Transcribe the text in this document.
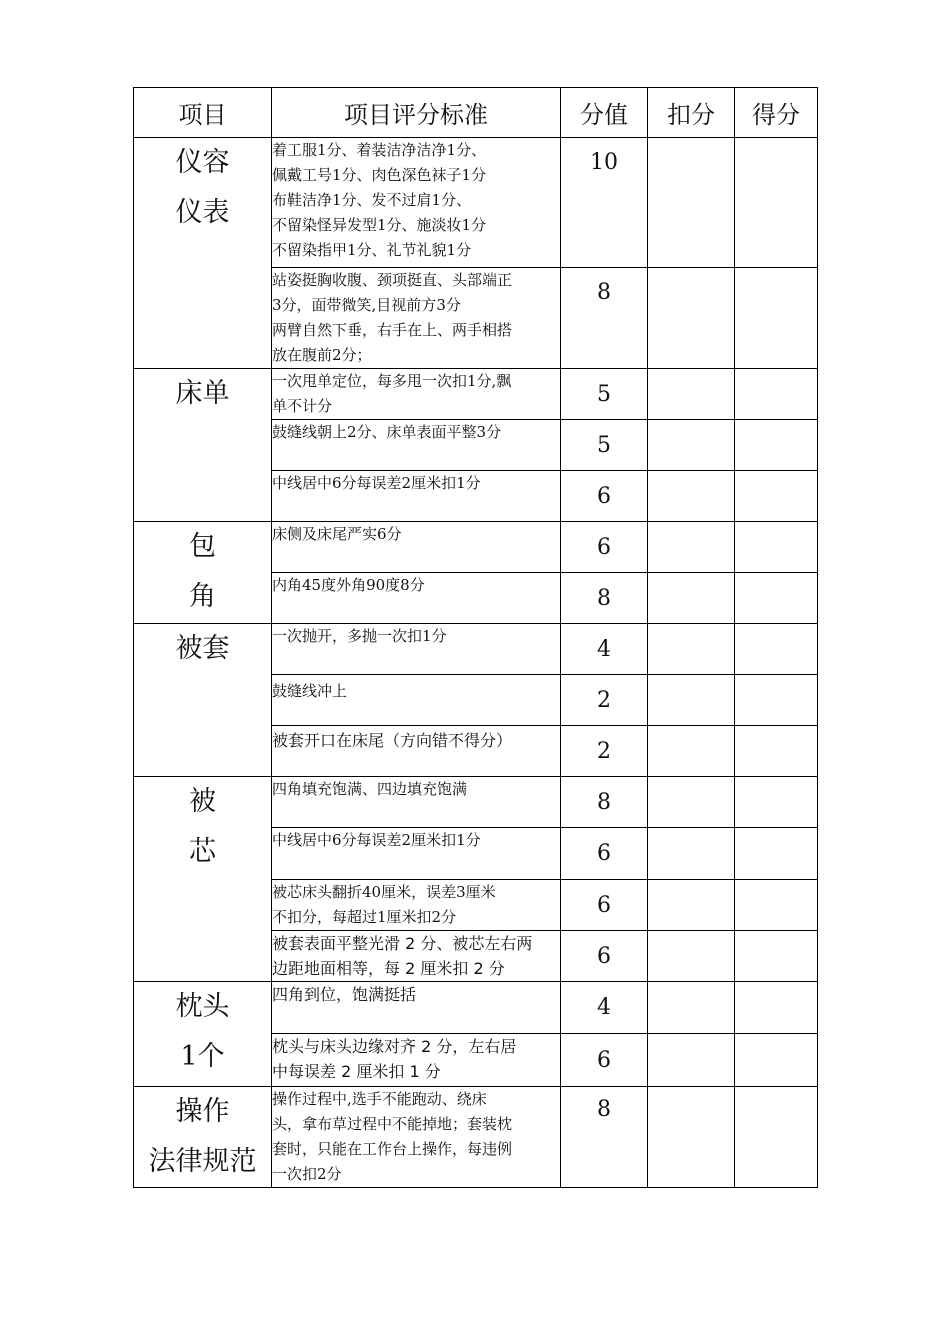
项目	项目评分标准	分值	扣分	得分

仪容
仪表	着工服1分、着装洁净洁净1分、
佩戴工号1分、肉色深色袜子1分
布鞋洁净1分、发不过肩1分、
不留染怪异发型1分、施淡妆1分
不留染指甲1分、礼节礼貌1分	10		

	站姿挺胸收腹、颈项挺直、头部端正
3分，面带微笑,目视前方3分
两臂自然下垂，右手在上、两手相搭
放在腹前2分；	8		

床单	一次甩单定位，每多甩一次扣1分,飘
单不计分	5		

	鼓缝线朝上2分、床单表面平整3分	5		

	中线居中6分每误差2厘米扣1分	6		

包
角	床侧及床尾严实6分	6		

	内角45度外角90度8分	8		

被套	一次抛开，多抛一次扣1分	4		

	鼓缝线冲上	2		

	被套开口在床尾（方向错不得分）	2		

被
芯	四角填充饱满、四边填充饱满	8		

	中线居中6分每误差2厘米扣1分	6		

	被芯床头翻折40厘米，误差3厘米
不扣分，每超过1厘米扣2分	6		

	被套表面平整光滑 2 分、被芯左右两
边距地面相等，每 2 厘米扣 2 分	6		

枕头
1个	四角到位，饱满挺括	4		

	枕头与床头边缘对齐 2 分，左右居
中每误差 2 厘米扣 1 分	6		

操作
法律规范	操作过程中,选手不能跑动、绕床
头，拿布草过程中不能掉地；套装枕
套时，只能在工作台上操作，每违例
一次扣2分	8		
